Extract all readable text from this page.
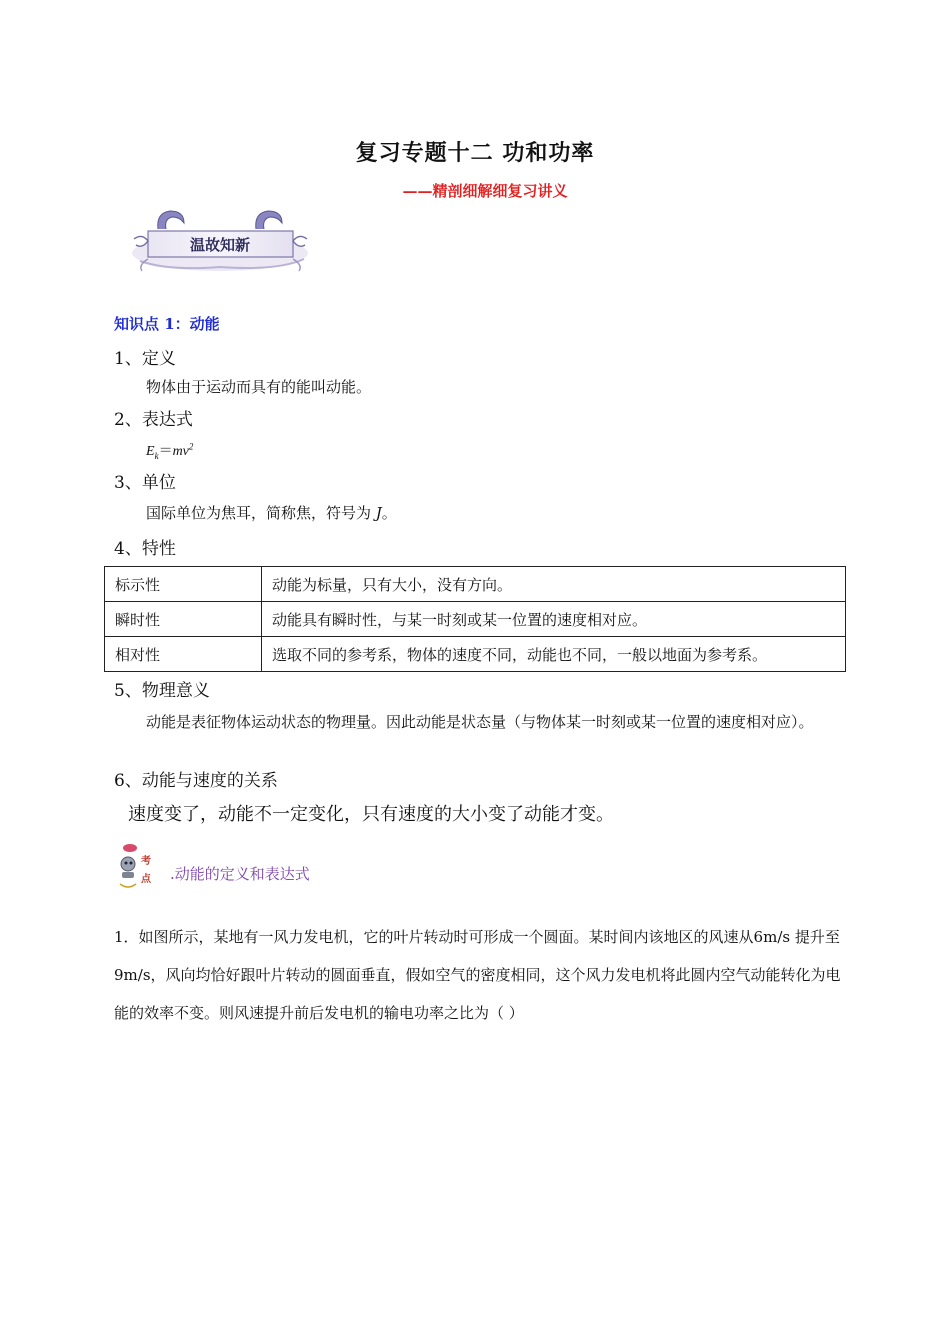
复习专题十二 功和功率
——精剖细解细复习讲义
温故知新
知识点 1：动能
1、定义
物体由于运动而具有的能叫动能。
2、表达式
$E_k=mv^2$
3、单位
国际单位为焦耳，简称焦，符号为 J。
4、特性
标示性	动能为标量，只有大小，没有方向。
瞬时性	动能具有瞬时性，与某一时刻或某一位置的速度相对应。
相对性	选取不同的参考系，物体的速度不同，动能也不同，一般以地面为参考系。
5、物理意义
动能是表征物体运动状态的物理量。因此动能是状态量（与物体某一时刻或某一位置的速度相对应）。
6、动能与速度的关系
速度变了，动能不一定变化，只有速度的大小变了动能才变。
考
点 .动能的定义和表达式
1．如图所示，某地有一风力发电机，它的叶片转动时可形成一个圆面。某时间内该地区的风速从6m/s 提升至 9m/s，风向均恰好跟叶片转动的圆面垂直，假如空气的密度相同，这个风力发电机将此圆内空气动能转化为电能的效率不变。则风速提升前后发电机的输电功率之比为（ ）
